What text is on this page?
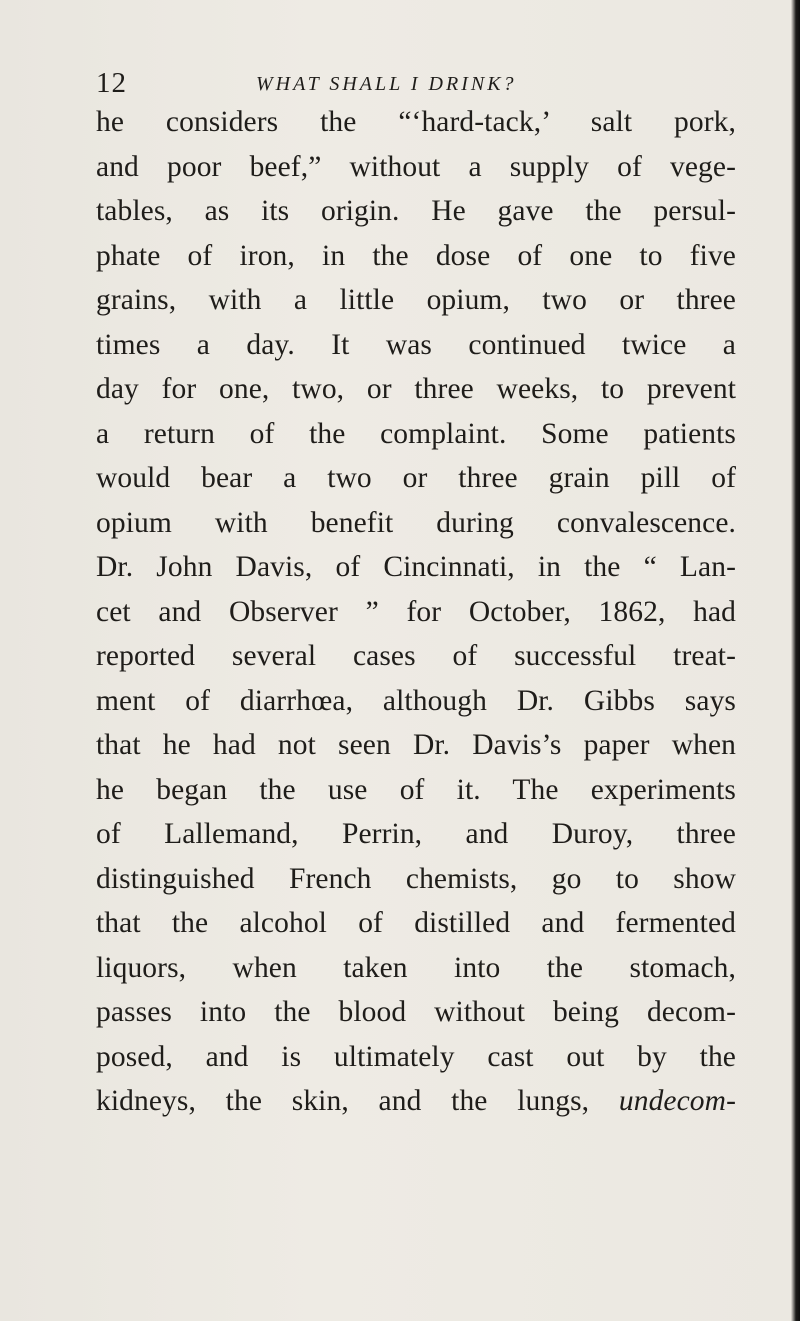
12	WHAT SHALL I DRINK?
he considers the “‘hard-tack,’ salt pork,
and poor beef,” without a supply of vege-
tables, as its origin. He gave the persul-
phate of iron, in the dose of one to five
grains, with a little opium, two or three
times a day. It was continued twice a
day for one, two, or three weeks, to prevent
a return of the complaint. Some patients
would bear a two or three grain pill of
opium with benefit during convalescence.
Dr. John Davis, of Cincinnati, in the “ Lan-
cet and Observer ” for October, 1862, had
reported several cases of successful treat-
ment of diarrhœa, although Dr. Gibbs says
that he had not seen Dr. Davis’s paper when
he began the use of it. The experiments
of Lallemand, Perrin, and Duroy, three
distinguished French chemists, go to show
that the alcohol of distilled and fermented
liquors, when taken into the stomach,
passes into the blood without being decom-
posed, and is ultimately cast out by the
kidneys, the skin, and the lungs, undecom-
